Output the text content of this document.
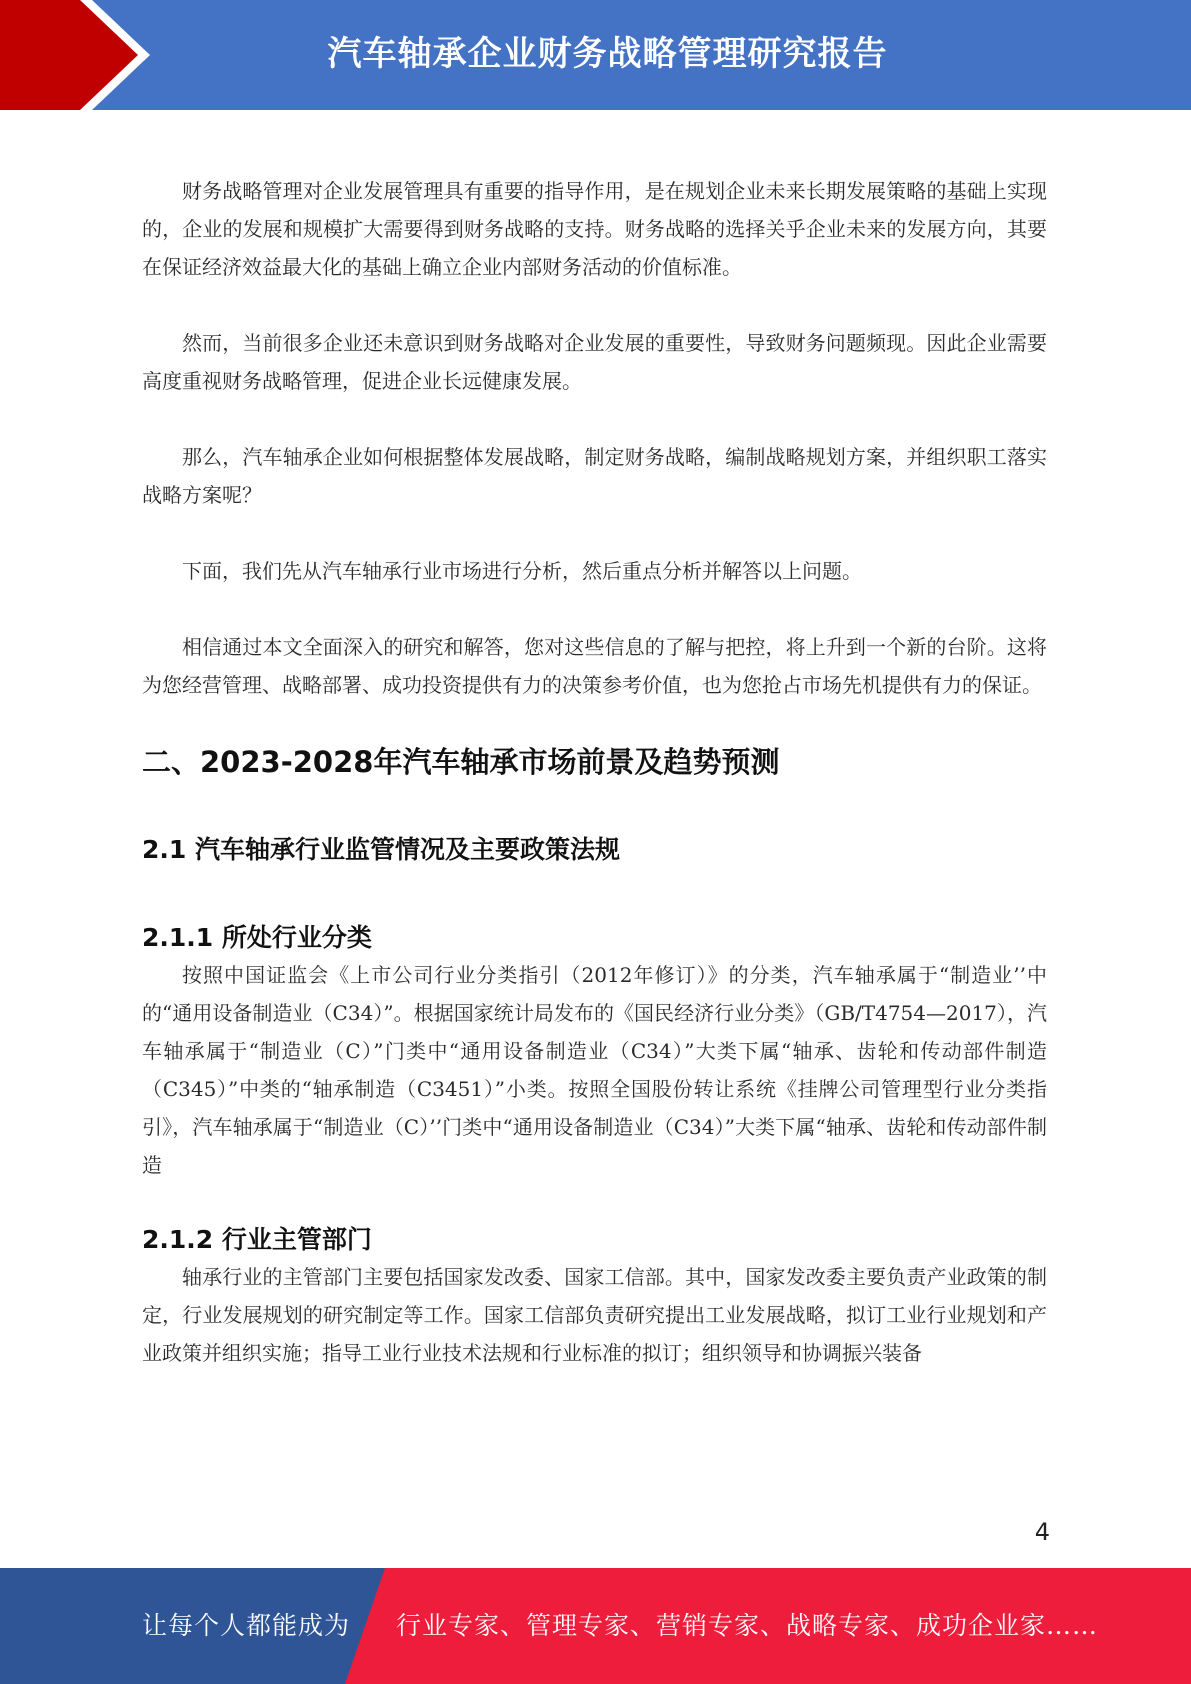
汽车轴承企业财务战略管理研究报告

财务战略管理对企业发展管理具有重要的指导作用，是在规划企业未来长期发展策略的基础上实现的，企业的发展和规模扩大需要得到财务战略的支持。财务战略的选择关乎企业未来的发展方向，其要在保证经济效益最大化的基础上确立企业内部财务活动的价值标准。

然而，当前很多企业还未意识到财务战略对企业发展的重要性，导致财务问题频现。因此企业需要高度重视财务战略管理，促进企业长远健康发展。

那么，汽车轴承企业如何根据整体发展战略，制定财务战略，编制战略规划方案，并组织职工落实战略方案呢？

下面，我们先从汽车轴承行业市场进行分析，然后重点分析并解答以上问题。

相信通过本文全面深入的研究和解答，您对这些信息的了解与把控，将上升到一个新的台阶。这将为您经营管理、战略部署、成功投资提供有力的决策参考价值，也为您抢占市场先机提供有力的保证。

二、2023-2028年汽车轴承市场前景及趋势预测
2.1 汽车轴承行业监管情况及主要政策法规
2.1.1 所处行业分类

按照中国证监会《上市公司行业分类指引（2012年修订）》的分类，汽车轴承属于“制造业’’中的“通用设备制造业（C34）”。根据国家统计局发布的《国民经济行业分类》（GB/T4754—2017），汽车轴承属于“制造业（C）”门类中“通用设备制造业（C34）”大类下属“轴承、齿轮和传动部件制造（C345）”中类的“轴承制造（C3451）”小类。按照全国股份转让系统《挂牌公司管理型行业分类指引》，汽车轴承属于“制造业（C）’’门类中“通用设备制造业（C34）”大类下属“轴承、齿轮和传动部件制造

2.1.2 行业主管部门

轴承行业的主管部门主要包括国家发改委、国家工信部。其中，国家发改委主要负责产业政策的制定，行业发展规划的研究制定等工作。国家工信部负责研究提出工业发展战略，拟订工业行业规划和产业政策并组织实施；指导工业行业技术法规和行业标准的拟订；组织领导和协调振兴装备

4
让每个人都能成为 行业专家、管理专家、营销专家、战略专家、成功企业家……
